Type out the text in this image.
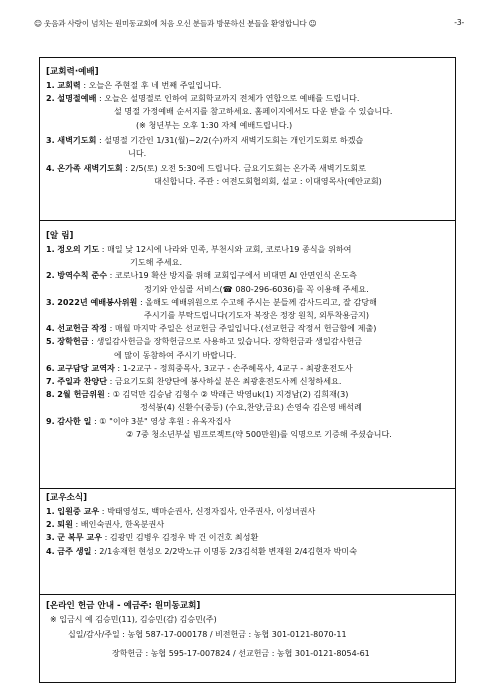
☺ 웃음과 사랑이 넘치는 원미동교회에 처음 오신 분들과 방문하신 분들을 환영합니다 ☺	-3-
[교회력·예배]
1. 교회력 : 오늘은 주현절 후 네 번째 주일입니다.
2. 설명절예배 : 오늘은 설명절로 인하여 교회학교까지 전체가 연합으로 예배를 드립니다.
설 명절 가정예배 순서지를 참고하세요. 홈페이지에서도 다운 받을 수 있습니다.
(※ 청년부는 오후 1:30 자체 예배드립니다.)
3. 새벽기도회 : 설명절 기간인 1/31(월)~2/2(수)까지 새벽기도회는 개인기도회로 하겠습
니다.
4. 온가족 새벽기도회 : 2/5(토) 오전 5:30에 드립니다. 금요기도회는 온가족 새벽기도회로
대신합니다. 주관 : 여전도회협의회, 설교 : 이대영목사(예안교회)
[알 림]
1. 정오의 기도 : 매일 낮 12시에 나라와 민족, 부천시와 교회, 코로나19 종식을 위하여
기도해 주세요.
2. 방역수칙 준수 : 코로나19 확산 방지를 위해 교회입구에서 비대면 AI 안면인식 온도측
정기와 안심콜 서비스(☎ 080-296-6036)를 꼭 이용해 주세요.
3. 2022년 예배봉사위원 : 올해도 예배위원으로 수고해 주시는 분들께 감사드리고, 잘 감당해
주시기를 부탁드립니다(기도자 복장은 정장 원칙, 외투착용금지)
4. 선교헌금 작정 : 매월 마지막 주일은 선교헌금 주일입니다.(선교헌금 작정서 헌금함에 제출)
5. 장학헌금 : 생일감사헌금을 장학헌금으로 사용하고 있습니다. 장학헌금과 생일감사헌금
에 많이 동참하여 주시기 바랍니다.
6. 교구담당 교역자 : 1-2교구 - 정희중목사, 3교구 - 손주혜목사, 4교구 - 최광훈전도사
7. 주일과 찬양단 : 금요기도회 찬양단에 봉사하실 분은 최광훈전도사께 신청하세요.
8. 2월 헌금위원 : ① 김덕만 김승남 김형수 ② 박래근 박영uk(1) 지경남(2) 김희재(3)
정석봉(4) 신환수(중등) (수요,찬양,금요) 손영숙 김은영 배석례
9. 감사한 일 : ① "이야 3분" 영상 후원 : 유옥자집사
② 7중 청소년부실 빔프로젝트(약 500만원)를 익명으로 기증해 주셨습니다.
[교우소식]
1. 입원중 교우 : 박태영성도, 백마순권사, 신정자집사, 안주권사, 이성녀권사
2. 퇴원 : 배인숙권사, 한옥분권사
3. 군 복무 교우 : 김광민 김병우 김정우 박 건 이건호 최성환
4. 금주 생일 : 2/1송재헌 현성오 2/2박노규 이명동 2/3김석환 변재원 2/4김현자 박미숙
[온라인 헌금 안내 - 예금주: 원미동교회]
※ 입금시 예 김승민(11), 김승민(감) 김승민(주)
십일/감사/주일 : 농협 587-17-000178 / 비전헌금 : 농협 301-0121-8070-11
장학헌금 : 농협 595-17-007824 / 선교헌금 : 농협 301-0121-8054-61
